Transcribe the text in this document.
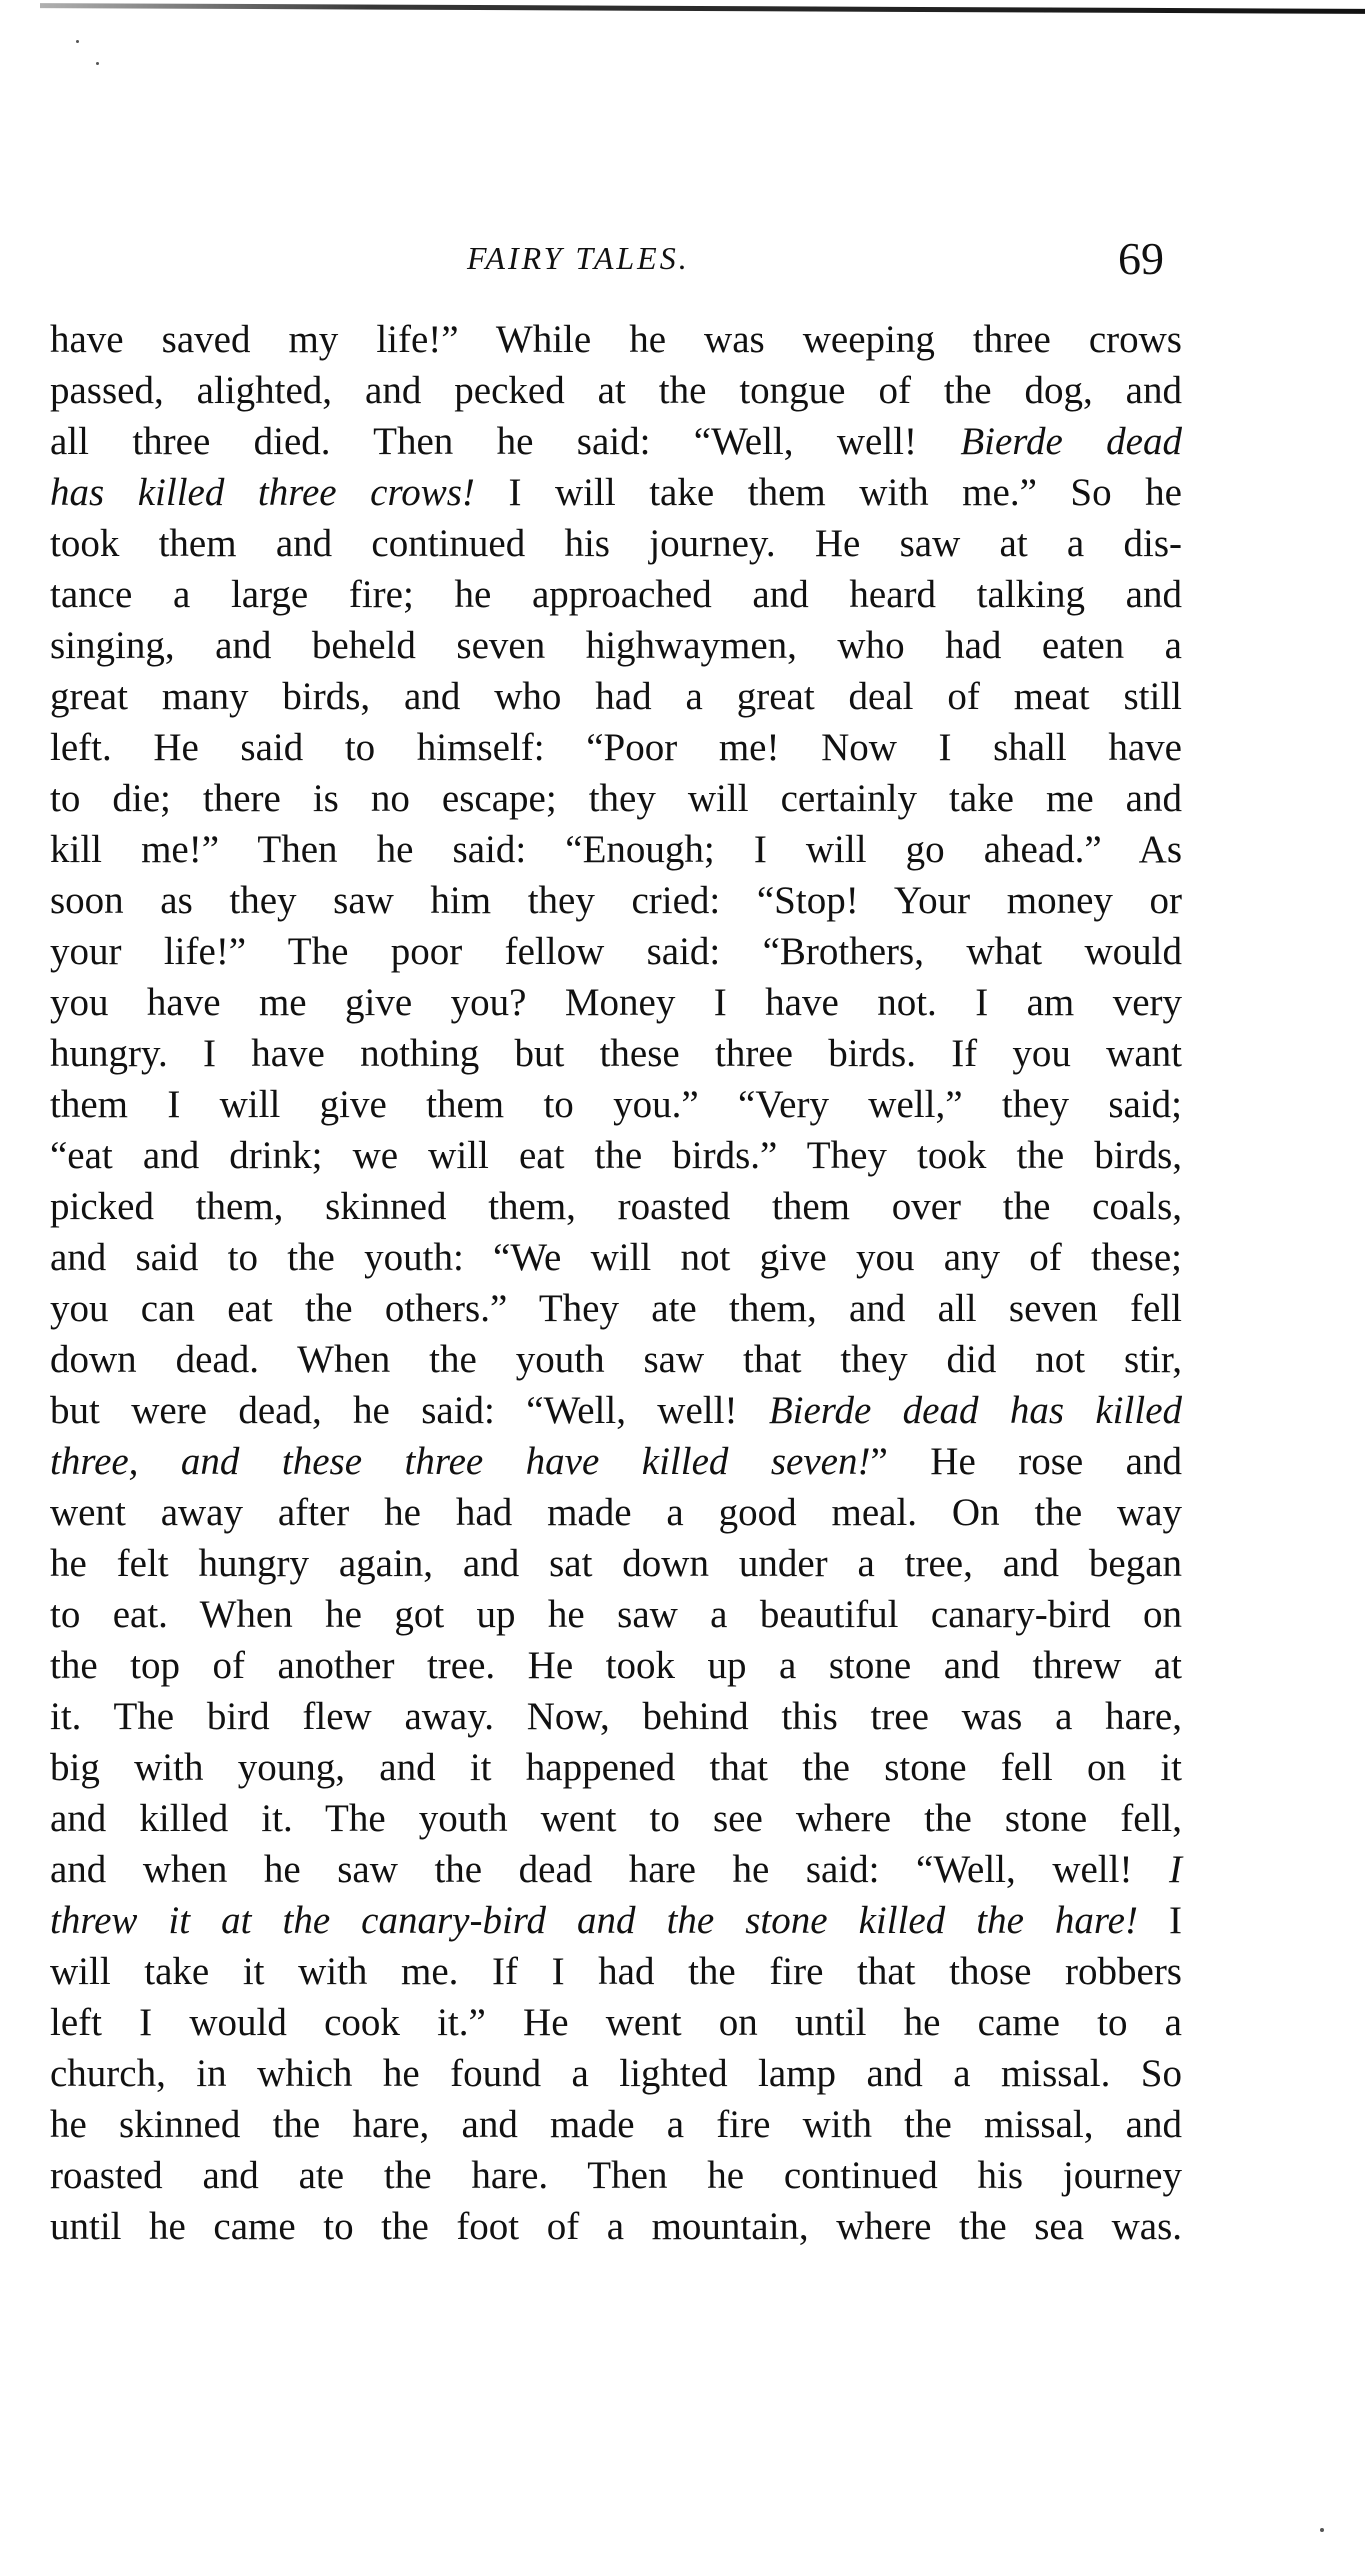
FAIRY TALES.	69
have saved my life!” While he was weeping three crows
passed, alighted, and pecked at the tongue of the dog, and
all three died. Then he said: “Well, well! Bierde dead
has killed three crows! I will take them with me.” So he
took them and continued his journey. He saw at a dis-
tance a large fire; he approached and heard talking and
singing, and beheld seven highwaymen, who had eaten a
great many birds, and who had a great deal of meat still
left. He said to himself: “Poor me! Now I shall have
to die; there is no escape; they will certainly take me and
kill me!” Then he said: “Enough; I will go ahead.” As
soon as they saw him they cried: “Stop! Your money or
your life!” The poor fellow said: “Brothers, what would
you have me give you? Money I have not. I am very
hungry. I have nothing but these three birds. If you want
them I will give them to you.” “Very well,” they said;
“eat and drink; we will eat the birds.” They took the birds,
picked them, skinned them, roasted them over the coals,
and said to the youth: “We will not give you any of these;
you can eat the others.” They ate them, and all seven fell
down dead. When the youth saw that they did not stir,
but were dead, he said: “Well, well! Bierde dead has killed
three, and these three have killed seven!” He rose and
went away after he had made a good meal. On the way
he felt hungry again, and sat down under a tree, and began
to eat. When he got up he saw a beautiful canary-bird on
the top of another tree. He took up a stone and threw at
it. The bird flew away. Now, behind this tree was a hare,
big with young, and it happened that the stone fell on it
and killed it. The youth went to see where the stone fell,
and when he saw the dead hare he said: “Well, well! I
threw it at the canary-bird and the stone killed the hare! I
will take it with me. If I had the fire that those robbers
left I would cook it.” He went on until he came to a
church, in which he found a lighted lamp and a missal. So
he skinned the hare, and made a fire with the missal, and
roasted and ate the hare. Then he continued his journey
until he came to the foot of a mountain, where the sea was.
